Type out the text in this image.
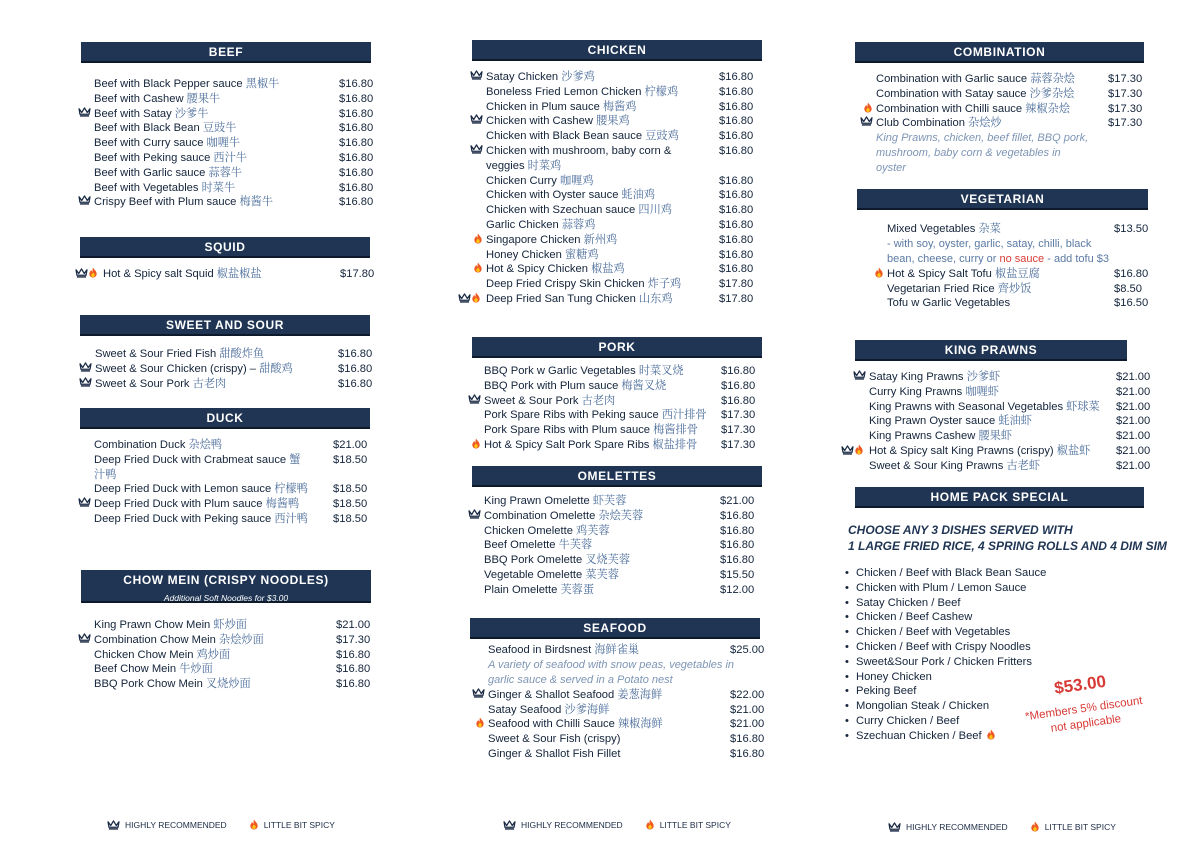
BEEF
Beef with Black Pepper sauce 黑椒牛	$16.80
Beef with Cashew 腰果牛	$16.80
Beef with Satay 沙爹牛	$16.80
Beef with Black Bean 豆豉牛	$16.80
Beef with Curry sauce 咖喱牛	$16.80
Beef with Peking sauce 西汁牛	$16.80
Beef with Garlic sauce 蒜蓉牛	$16.80
Beef with Vegetables 时菜牛	$16.80
Crispy Beef with Plum sauce 梅酱牛	$16.80
SQUID
Hot & Spicy salt Squid 椒盐椒盐	$17.80
SWEET AND SOUR
Sweet & Sour Fried Fish 甜酸炸鱼	$16.80
Sweet & Sour Chicken (crispy) – 甜酸鸡	$16.80
Sweet & Sour Pork 古老肉	$16.80
DUCK
Combination Duck 杂烩鸭	$21.00
Deep Fried Duck with Crabmeat sauce 蟹汁鸭
$18.50
Deep Fried Duck with Lemon sauce 柠檬鸭 $18.50
Deep Fried Duck with Plum sauce 梅酱鸭	$18.50
Deep Fried Duck with Peking sauce 西汁鸭 $18.50
CHOW MEIN (CRISPY NOODLES)
Additional Soft Noodles for $3.00
King Prawn Chow Mein 虾炒面	$21.00
Combination Chow Mein 杂烩炒面	$17.30
Chicken Chow Mein 鸡炒面	$16.80
Beef Chow Mein 牛炒面	$16.80
BBQ Pork Chow Mein 叉烧炒面	$16.80
CHICKEN
Satay Chicken 沙爹鸡	$16.80
Boneless Fried Lemon Chicken 柠檬鸡	$16.80
Chicken in Plum sauce 梅酱鸡	$16.80
Chicken with Cashew 腰果鸡	$16.80
Chicken with Black Bean sauce 豆豉鸡	$16.80
Chicken with mushroom, baby corn & veggies 时菜鸡
$16.80
Chicken Curry 咖喱鸡	$16.80
Chicken with Oyster sauce 蚝油鸡	$16.80
Chicken with Szechuan sauce 四川鸡	$16.80
Garlic Chicken 蒜蓉鸡	$16.80
Singapore Chicken 新州鸡	$16.80
Honey Chicken 蜜糖鸡	$16.80
Hot & Spicy Chicken 椒盐鸡	$16.80
Deep Fried Crispy Skin Chicken 炸子鸡	$17.80
Deep Fried San Tung Chicken 山东鸡	$17.80
PORK
BBQ Pork w Garlic Vegetables 时菜叉烧	$16.80
BBQ Pork with Plum sauce 梅酱叉烧	$16.80
Sweet & Sour Pork 古老肉	$16.80
Pork Spare Ribs with Peking sauce 西汁排骨 $17.30
Pork Spare Ribs with Plum sauce 梅酱排骨 $17.30
Hot & Spicy Salt Pork Spare Ribs 椒盐排骨 $17.30
OMELETTES
King Prawn Omelette 虾芙蓉	$21.00
Combination Omelette 杂烩芙蓉	$16.80
Chicken Omelette 鸡芙蓉	$16.80
Beef Omelette 牛芙蓉	$16.80
BBQ Pork Omelette 叉烧芙蓉	$16.80
Vegetable Omelette 菜芙蓉	$15.50
Plain Omelette 芙蓉蛋	$12.00
SEAFOOD
Seafood in Birdsnest 海鲜雀巢	$25.00
A variety of seafood with snow peas, vegetables in garlic sauce & served in a Potato nest
Ginger & Shallot Seafood 姜葱海鲜	$22.00
Satay Seafood 沙爹海鲜	$21.00
Seafood with Chilli Sauce 辣椒海鲜	$21.00
Sweet & Sour Fish (crispy)	$16.80
Ginger & Shallot Fish Fillet	$16.80
COMBINATION
Combination with Garlic sauce 蒜蓉杂烩	$17.30
Combination with Satay sauce 沙爹杂烩	$17.30
Combination with Chilli sauce 辣椒杂烩	$17.30
Club Combination 杂烩炒	$17.30
King Prawns, chicken, beef fillet, BBQ pork, mushroom, baby corn & vegetables in oyster
VEGETARIAN
Mixed Vegetables 杂菜	$13.50
- with soy, oyster, garlic, satay, chilli, black bean, cheese, curry or no sauce - add tofu $3
Hot & Spicy Salt Tofu 椒盐豆腐	$16.80
Vegetarian Fried Rice 齊炒饭	$8.50
Tofu w Garlic Vegetables	$16.50
KING PRAWNS
Satay King Prawns 沙爹虾	$21.00
Curry King Prawns 咖喱虾	$21.00
King Prawns with Seasonal Vegetables 虾球菜 $21.00
King Prawn Oyster sauce 蚝油虾	$21.00
King Prawns Cashew 腰果虾	$21.00
Hot & Spicy salt King Prawns (crispy) 椒盐虾 $21.00
Sweet & Sour King Prawns 古老虾	$21.00
HOME PACK SPECIAL
CHOOSE ANY 3 DISHES SERVED WITH
1 LARGE FRIED RICE, 4 SPRING ROLLS AND 4 DIM SIM
• Chicken / Beef with Black Bean Sauce
• Chicken with Plum / Lemon Sauce
• Satay Chicken / Beef
• Chicken / Beef Cashew
• Chicken / Beef with Vegetables
• Chicken / Beef with Crispy Noodles
• Sweet&Sour Pork / Chicken Fritters
• Honey Chicken
• Peking Beef
• Mongolian Steak / Chicken
• Curry Chicken / Beef
• Szechuan Chicken / Beef
$53.00
*Members 5% discount not applicable
HIGHLY RECOMMENDED	LITTLE BIT SPICY	HIGHLY RECOMMENDED	LITTLE BIT SPICY	HIGHLY RECOMMENDED	LITTLE BIT SPICY
